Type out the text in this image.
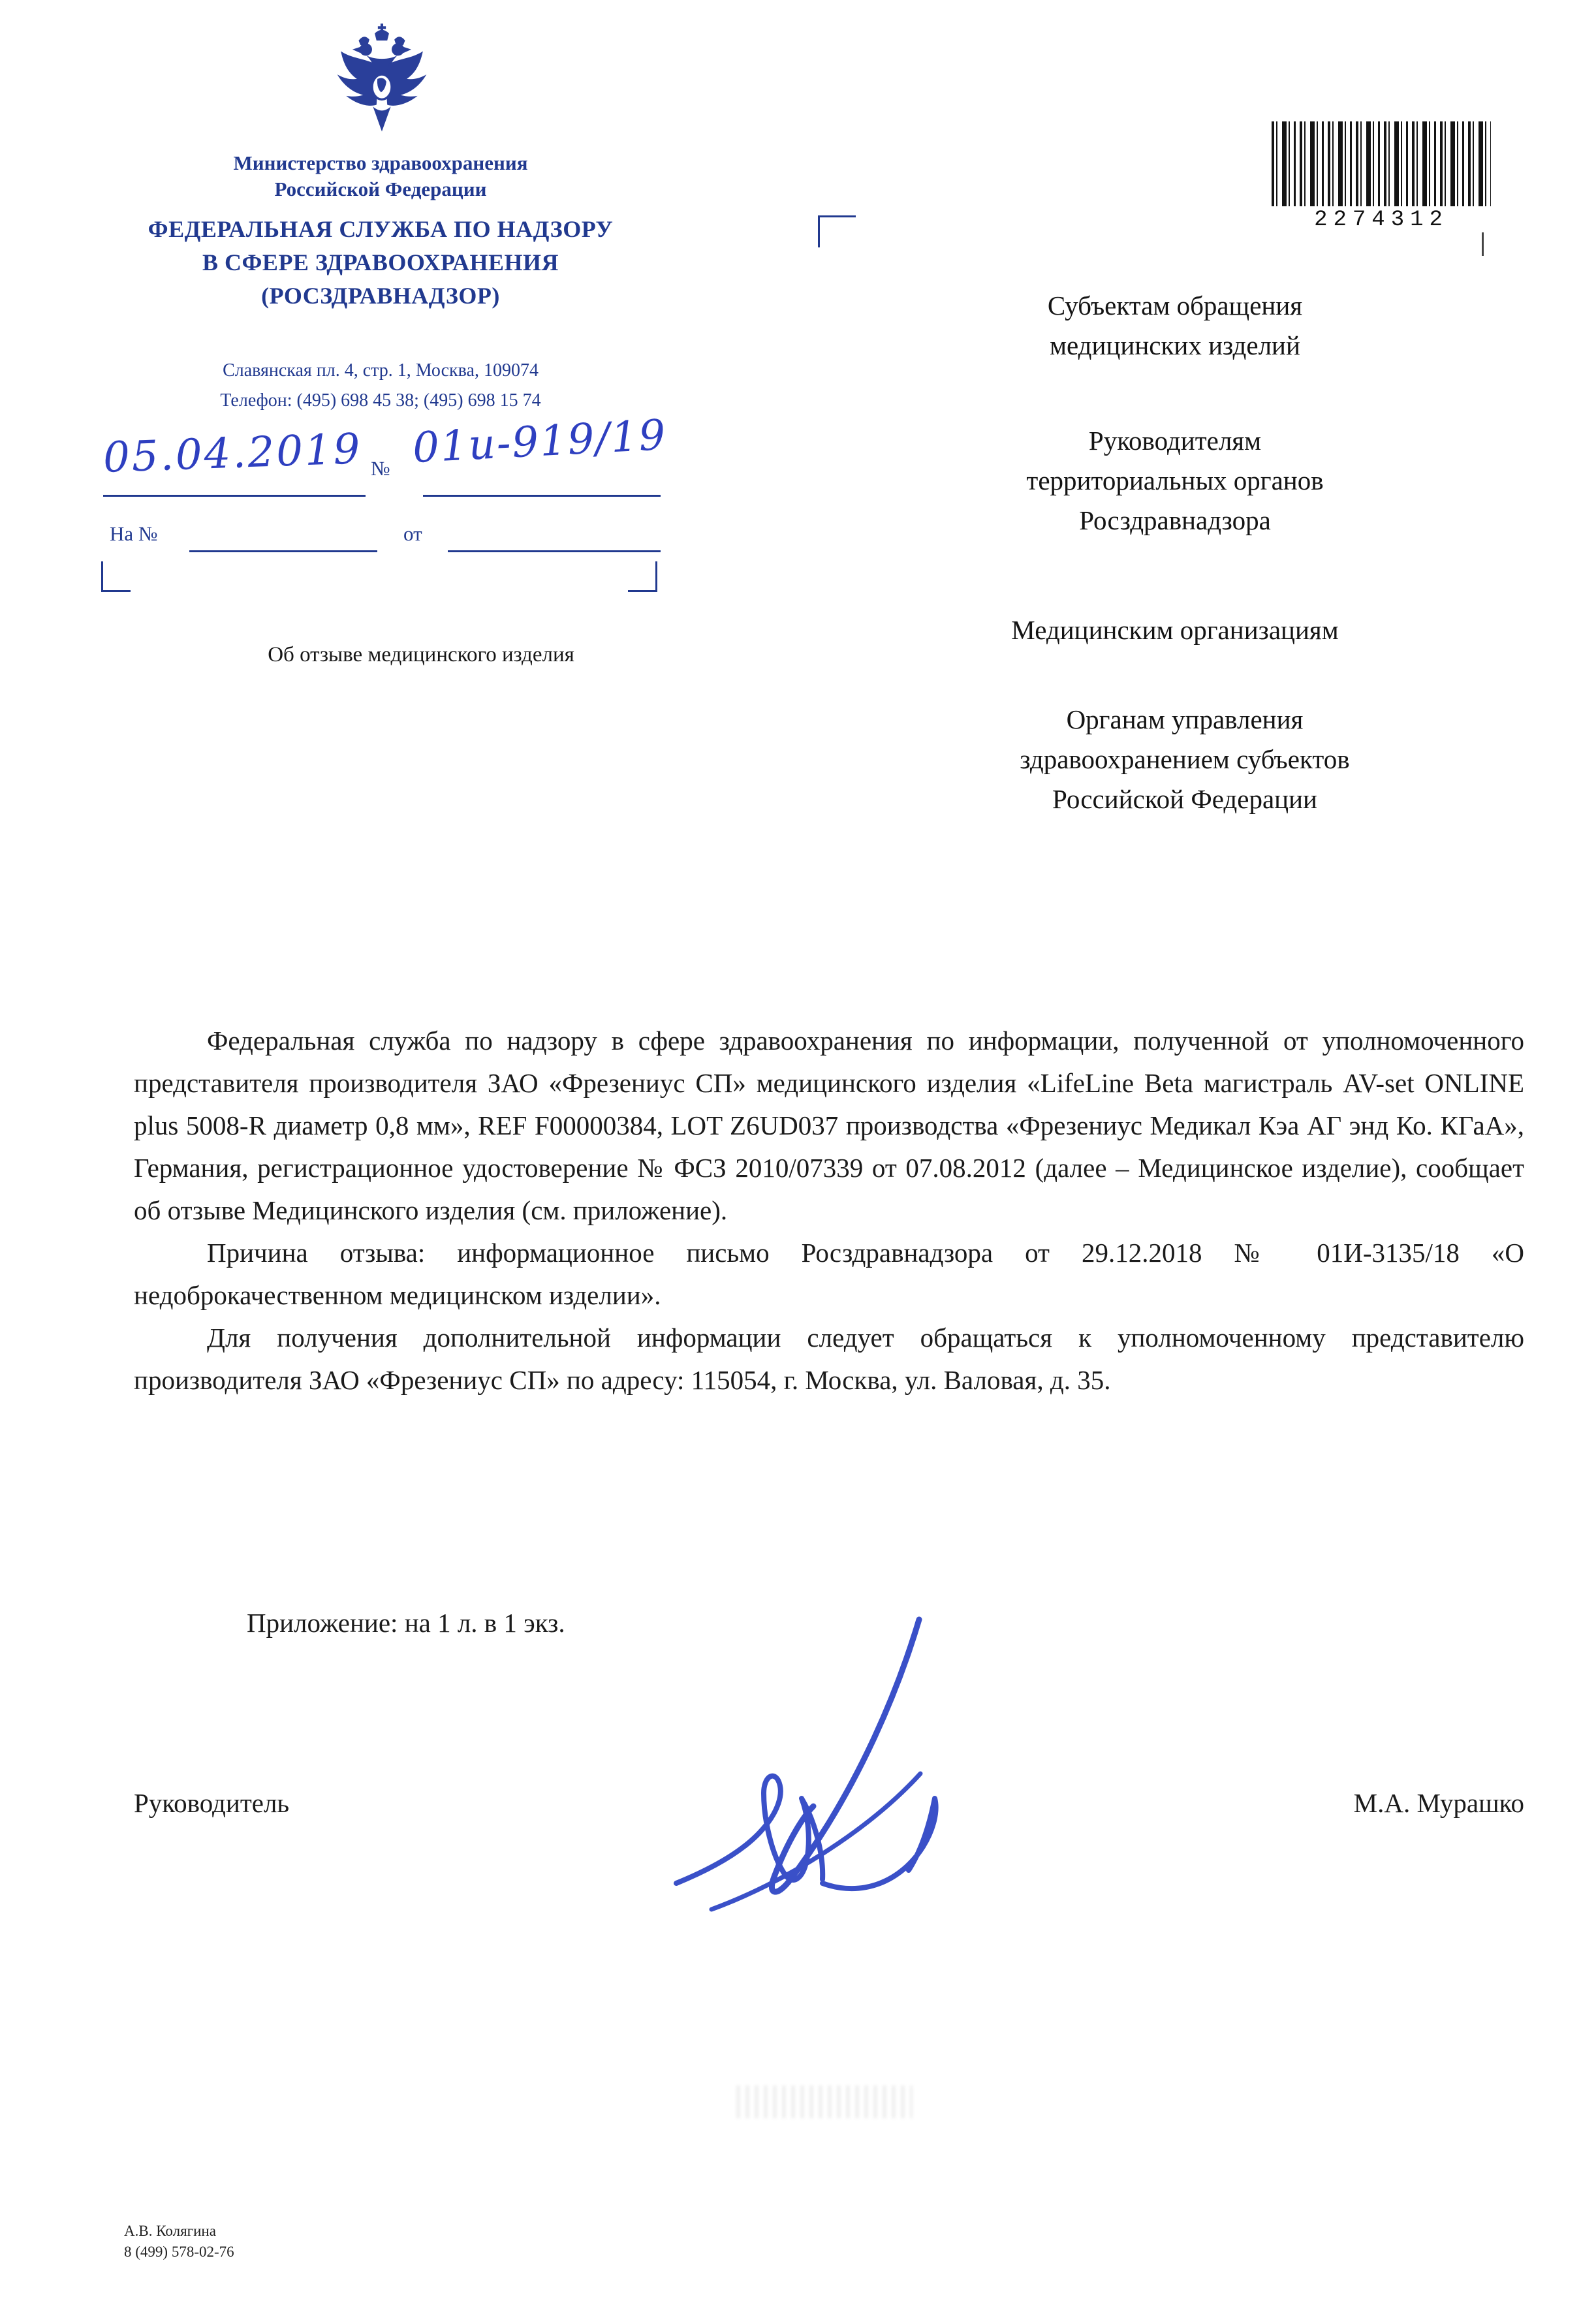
Министерство здравоохранения
Российской Федерации
ФЕДЕРАЛЬНАЯ СЛУЖБА ПО НАДЗОРУ
В СФЕРЕ ЗДРАВООХРАНЕНИЯ
(РОСЗДРАВНАДЗОР)
Славянская пл. 4, стр. 1, Москва, 109074
Телефон: (495) 698 45 38; (495) 698 15 74
2274312
05.04.2019 № 01и-919/19
На №	от
Субъектам обращения медицинских изделий
Руководителям территориальных органов Росздравнадзора
Медицинским организациям
Органам управления здравоохранением субъектов Российской Федерации
Об отзыве медицинского изделия

Федеральная служба по надзору в сфере здравоохранения по информации, полученной от уполномоченного представителя производителя ЗАО «Фрезениус СП» медицинского изделия «LifeLine Beta магистраль AV-set ONLINE plus 5008-R диаметр 0,8 мм», REF F00000384, LOT Z6UD037 производства «Фрезениус Медикал Кэа АГ энд Ко. КГаА», Германия, регистрационное удостоверение № ФСЗ 2010/07339 от 07.08.2012 (далее – Медицинское изделие), сообщает об отзыве Медицинского изделия (см. приложение).

Причина отзыва: информационное письмо Росздравнадзора от 29.12.2018 № 01И-3135/18 «О недоброкачественном медицинском изделии».

Для получения дополнительной информации следует обращаться к уполномоченному представителю производителя ЗАО «Фрезениус СП» по адресу: 115054, г. Москва, ул. Валовая, д. 35.

Приложение: на 1 л. в 1 экз.
Руководитель	М.А. Мурашко
А.В. Колягина
8 (499) 578-02-76
